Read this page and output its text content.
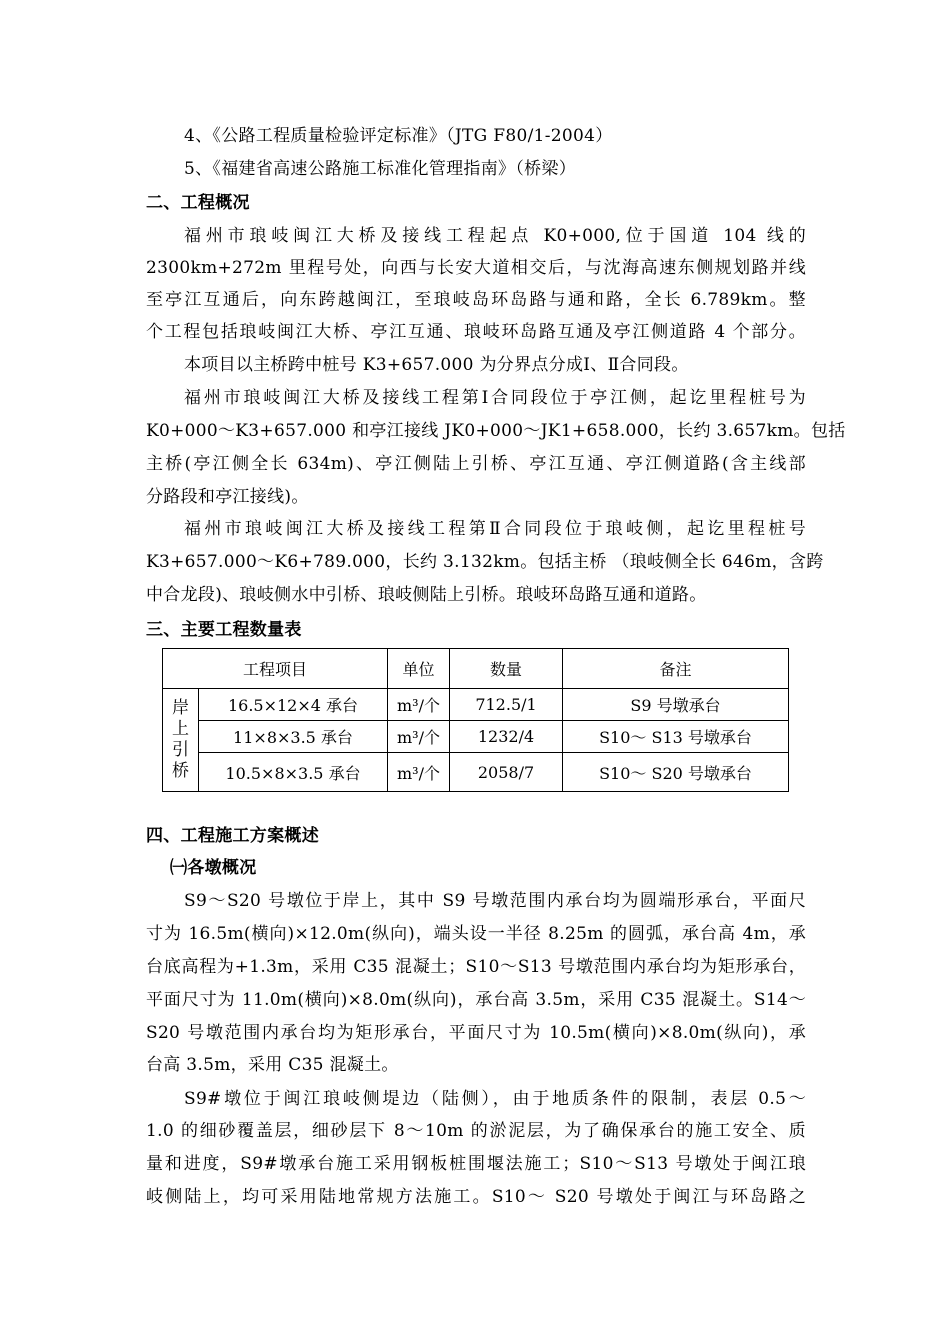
4、《公路工程质量检验评定标准》（JTG F80/1-2004）
5、《福建省高速公路施工标准化管理指南》（桥梁）
二、工程概况
福州市琅岐闽江大桥及接线工程起点 K0+000,位于国道 104 线的
2300km+272m 里程号处，向西与长安大道相交后，与沈海高速东侧规划路并线
至亭江互通后，向东跨越闽江，至琅岐岛环岛路与通和路，全长 6.789km。整
个工程包括琅岐闽江大桥、亭江互通、琅岐环岛路互通及亭江侧道路 4 个部分。
本项目以主桥跨中桩号 K3+657.000 为分界点分成Ⅰ、Ⅱ合同段。
福州市琅岐闽江大桥及接线工程第Ⅰ合同段位于亭江侧，起讫里程桩号为
K0+000～K3+657.000 和亭江接线 JK0+000～JK1+658.000，长约 3.657km。包括
主桥(亭江侧全长 634m)、亭江侧陆上引桥、亭江互通、亭江侧道路(含主线部
分路段和亭江接线)。
福州市琅岐闽江大桥及接线工程第Ⅱ合同段位于琅岐侧，起讫里程桩号
K3+657.000～K6+789.000，长约 3.132km。包括主桥 （琅岐侧全长 646m，含跨
中合龙段)、琅岐侧水中引桥、琅岐侧陆上引桥。琅岐环岛路互通和道路。
三、主要工程数量表
工程项目		单位	数量	备注

岸
上
引
桥	16.5×12×4 承台	m³/个	712.5/1	S9 号墩承台
	11×8×3.5 承台	m³/个	1232/4	S10～ S13 号墩承台
	10.5×8×3.5 承台	m³/个	2058/7	S10～ S20 号墩承台
四、工程施工方案概述
㈠各墩概况
S9～S20 号墩位于岸上，其中 S9 号墩范围内承台均为圆端形承台，平面尺
寸为 16.5m(横向)×12.0m(纵向)，端头设一半径 8.25m 的圆弧，承台高 4m，承
台底高程为+1.3m，采用 C35 混凝土；S10～S13 号墩范围内承台均为矩形承台，
平面尺寸为 11.0m(横向)×8.0m(纵向)，承台高 3.5m，采用 C35 混凝土。S14～
S20 号墩范围内承台均为矩形承台，平面尺寸为 10.5m(横向)×8.0m(纵向)，承
台高 3.5m，采用 C35 混凝土。
S9#墩位于闽江琅岐侧堤边（陆侧），由于地质条件的限制，表层 0.5～
1.0 的细砂覆盖层，细砂层下 8～10m 的淤泥层，为了确保承台的施工安全、质
量和进度，S9#墩承台施工采用钢板桩围堰法施工；S10～S13 号墩处于闽江琅
岐侧陆上，均可采用陆地常规方法施工。S10～ S20 号墩处于闽江与环岛路之
